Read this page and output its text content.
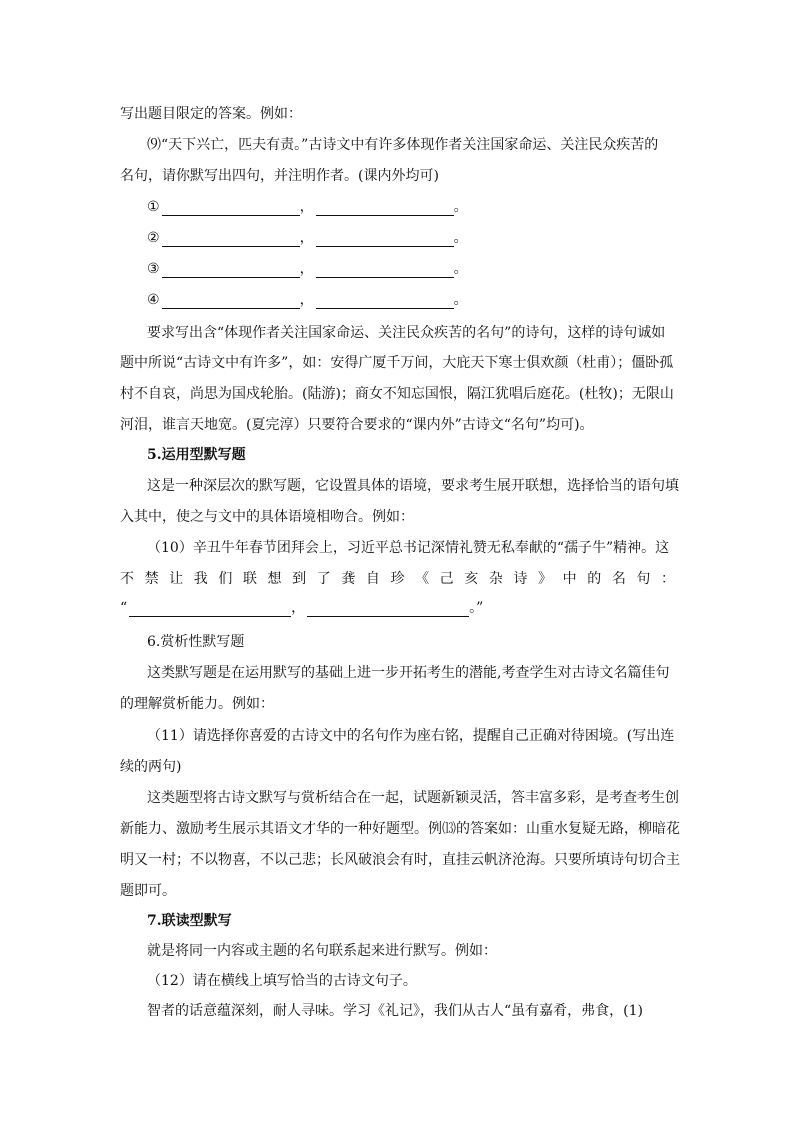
写出题目限定的答案。例如：
⑼“天下兴亡，匹夫有责。”古诗文中有许多体现作者关注国家命运、关注民众疾苦的
名句，请你默写出四句，并注明作者。(课内外均可)
①	，	。
②	，	。
③	，	。
④	，	。
要求写出含“体现作者关注国家命运、关注民众疾苦的名句”的诗句，这样的诗句诚如
题中所说“古诗文中有许多”，如：安得广厦千万间，大庇天下寒士俱欢颜（杜甫）；僵卧孤
村不自哀，尚思为国戍轮胎。(陆游)；商女不知忘国恨，隔江犹唱后庭花。(杜牧)；无限山
河泪，谁言天地宽。(夏完淳）只要符合要求的“课内外”古诗文“名句”均可)。
5.运用型默写题
这是一种深层次的默写题，它设置具体的语境，要求考生展开联想，选择恰当的语句填
入其中，使之与文中的具体语境相吻合。例如：
（10）辛丑牛年春节团拜会上，习近平总书记深情礼赞无私奉献的“孺子牛”精神。这
不禁让我们联想到了龚自珍《己亥杂诗》中的名句：
“	，	。”
6.赏析性默写题
这类默写题是在运用默写的基础上进一步开拓考生的潜能,考查学生对古诗文名篇佳句
的理解赏析能力。例如：
（11）请选择你喜爱的古诗文中的名句作为座右铭，提醒自己正确对待困境。(写出连
续的两句)
这类题型将古诗文默写与赏析结合在一起，试题新颖灵活，答丰富多彩，是考查考生创
新能力、激励考生展示其语文才华的一种好题型。例⒀的答案如：山重水复疑无路，柳暗花
明又一村；不以物喜，不以己悲；长风破浪会有时，直挂云帆济沧海。只要所填诗句切合主
题即可。
7.联读型默写
就是将同一内容或主题的名句联系起来进行默写。例如：
（12）请在横线上填写恰当的古诗文句子。
智者的话意蕴深刻，耐人寻味。学习《礼记》，我们从古人“虽有嘉肴，弗食，(1)
